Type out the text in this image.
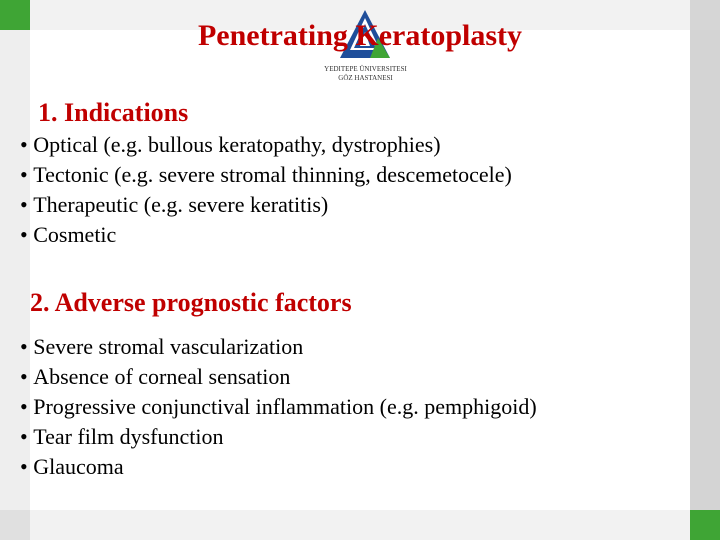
YEDITEPE ÜNIVERSITESI
GÖZ HASTANESI
Penetrating Keratoplasty
1. Indications
• Optical (e.g. bullous keratopathy, dystrophies)
• Tectonic (e.g. severe stromal thinning, descemetocele)
• Therapeutic (e.g. severe keratitis)
• Cosmetic
2. Adverse prognostic factors
• Severe stromal vascularization
• Absence of corneal sensation
• Progressive conjunctival inflammation (e.g. pemphigoid)
• Tear film dysfunction
• Glaucoma
